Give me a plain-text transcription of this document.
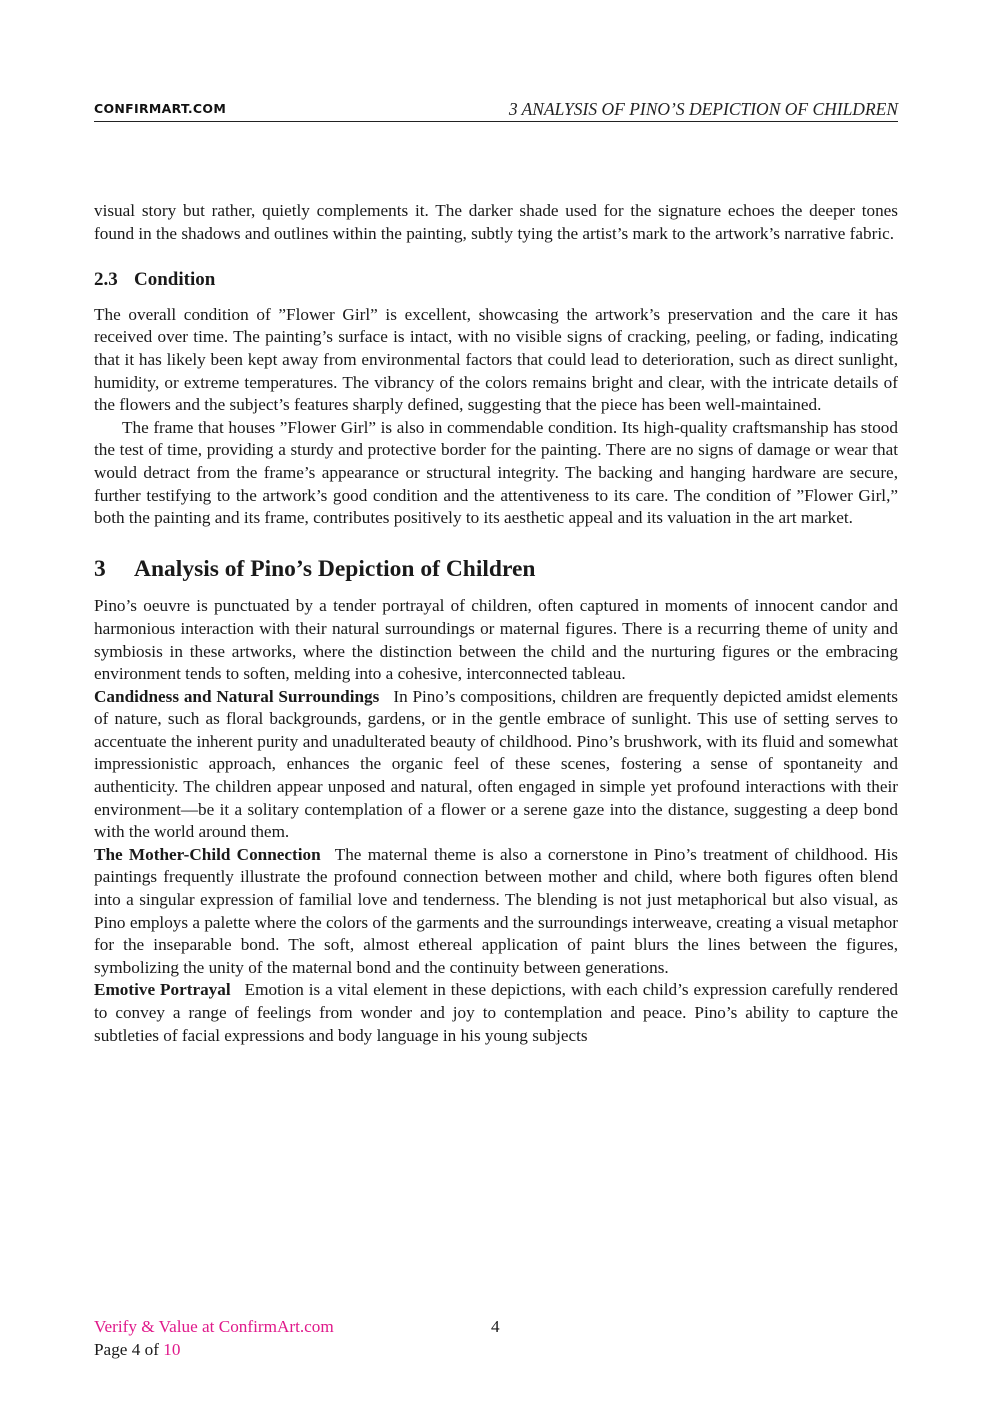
CONFIRMART.COM	3 ANALYSIS OF PINO’S DEPICTION OF CHILDREN

visual story but rather, quietly complements it. The darker shade used for the signature echoes the deeper tones found in the shadows and outlines within the painting, subtly tying the artist’s mark to the artwork’s narrative fabric.

2.3 Condition

The overall condition of ”Flower Girl” is excellent, showcasing the artwork’s preservation and the care it has received over time. The painting’s surface is intact, with no visible signs of cracking, peeling, or fading, indicating that it has likely been kept away from environmental factors that could lead to deterioration, such as direct sunlight, humidity, or extreme temperatures. The vibrancy of the colors remains bright and clear, with the intricate details of the flowers and the subject’s features sharply defined, suggesting that the piece has been well-maintained.

The frame that houses ”Flower Girl” is also in commendable condition. Its high-quality craftsmanship has stood the test of time, providing a sturdy and protective border for the painting. There are no signs of damage or wear that would detract from the frame’s appearance or structural integrity. The backing and hanging hardware are secure, further testifying to the artwork’s good condition and the attentiveness to its care. The condition of ”Flower Girl,” both the painting and its frame, contributes positively to its aesthetic appeal and its valuation in the art market.

3 Analysis of Pino’s Depiction of Children

Pino’s oeuvre is punctuated by a tender portrayal of children, often captured in moments of innocent candor and harmonious interaction with their natural surroundings or maternal figures. There is a recurring theme of unity and symbiosis in these artworks, where the distinction between the child and the nurturing figures or the embracing environment tends to soften, melding into a cohesive, interconnected tableau.

Candidness and Natural Surroundings In Pino’s compositions, children are frequently depicted amidst elements of nature, such as floral backgrounds, gardens, or in the gentle embrace of sunlight. This use of setting serves to accentuate the inherent purity and unadulterated beauty of childhood. Pino’s brushwork, with its fluid and somewhat impressionistic approach, enhances the organic feel of these scenes, fostering a sense of spontaneity and authenticity. The children appear unposed and natural, often engaged in simple yet profound interactions with their environment—be it a solitary contemplation of a flower or a serene gaze into the distance, suggesting a deep bond with the world around them.

The Mother-Child Connection The maternal theme is also a cornerstone in Pino’s treatment of childhood. His paintings frequently illustrate the profound connection between mother and child, where both figures often blend into a singular expression of familial love and tenderness. The blending is not just metaphorical but also visual, as Pino employs a palette where the colors of the garments and the surroundings interweave, creating a visual metaphor for the inseparable bond. The soft, almost ethereal application of paint blurs the lines between the figures, symbolizing the unity of the maternal bond and the continuity between generations.

Emotive Portrayal Emotion is a vital element in these depictions, with each child’s expression carefully rendered to convey a range of feelings from wonder and joy to contemplation and peace. Pino’s ability to capture the subtleties of facial expressions and body language in his young subjects

Verify & Value at ConfirmArt.com
Page 4 of 10
4
